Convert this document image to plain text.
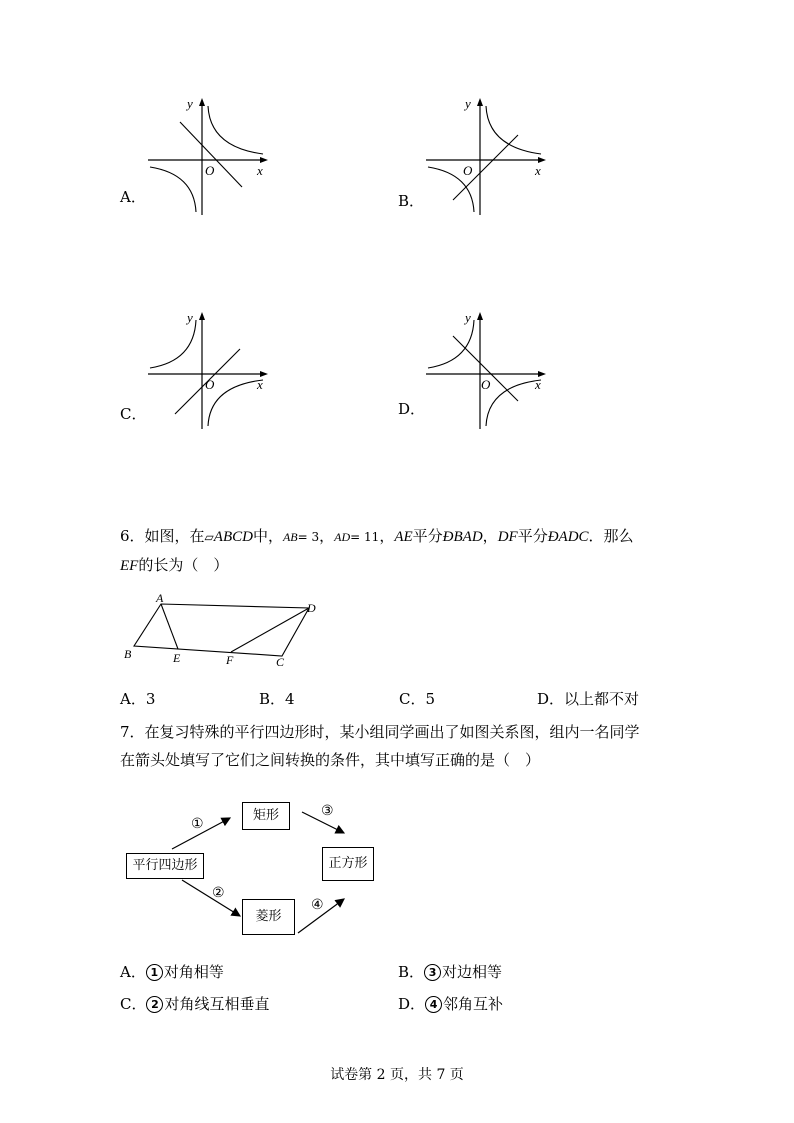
y
x
O
A．
y
x
O
B．
y
x
O
C．
y
x
O
D．
6．如图，在▱ABCD中，AB= 3，AD= 11，AE平分ÐBAD，DF平分ÐADC．那么
EF的长为（　）
A
D
B	E	F	C
A．3	B．4	C．5	D．以上都不对
7．在复习特殊的平行四边形时，某小组同学画出了如图关系图，组内一名同学
在箭头处填写了它们之间转换的条件，其中填写正确的是（　）
①
②
③
④
平行四边形
矩形
正方形
菱形
A． 1 对角相等	B． 3 对边相等
C． 2 对角线互相垂直	D． 4 邻角互补
试卷第 2 页，共 7 页
